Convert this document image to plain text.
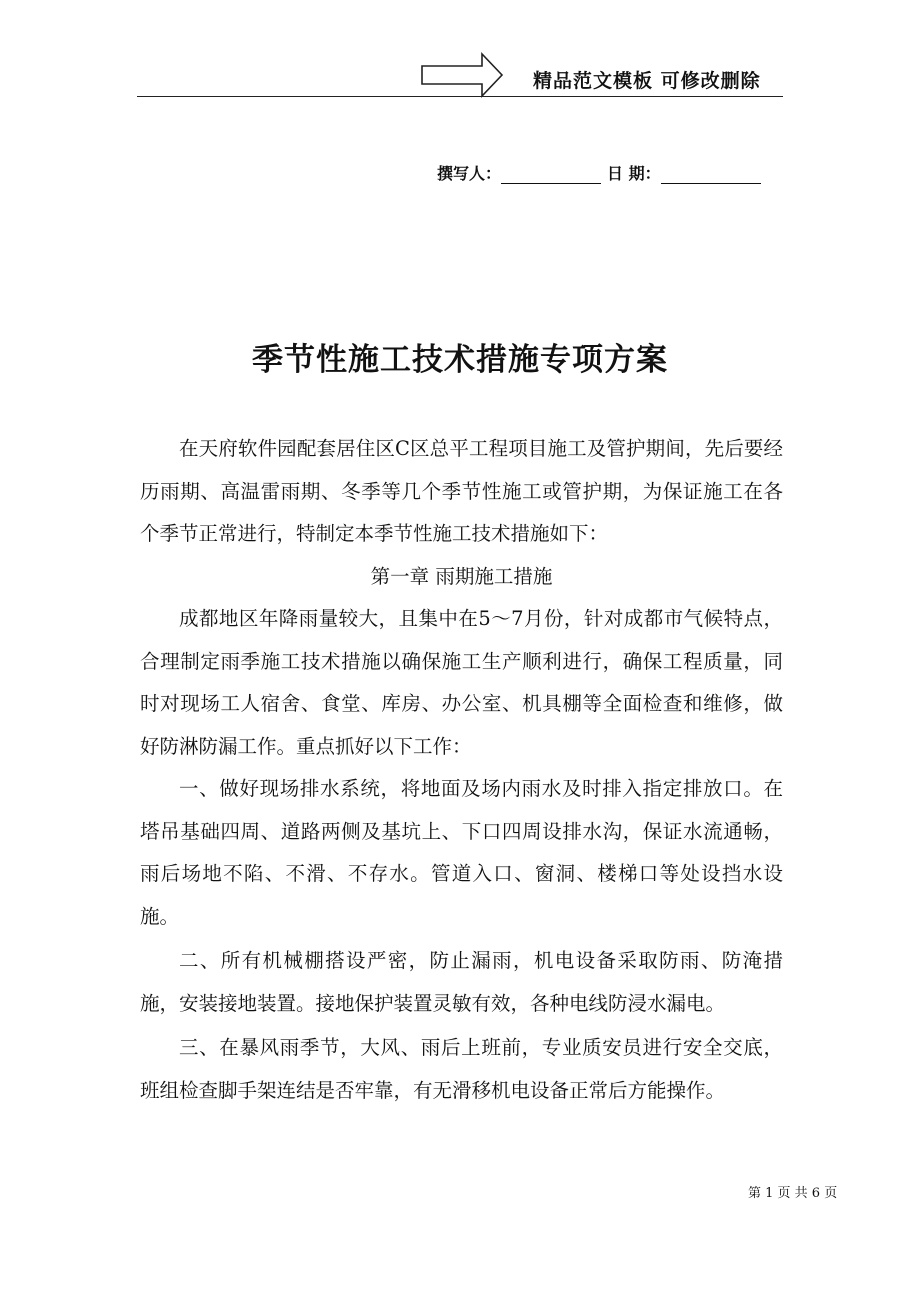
精品范文模板 可修改删除

撰写人：	日 期：
季节性施工技术措施专项方案

在天府软件园配套居住区C区总平工程项目施工及管护期间，先后要经历雨期、高温雷雨期、冬季等几个季节性施工或管护期，为保证施工在各个季节正常进行，特制定本季节性施工技术措施如下：

第一章 雨期施工措施

成都地区年降雨量较大，且集中在5～7月份，针对成都市气候特点，合理制定雨季施工技术措施以确保施工生产顺利进行，确保工程质量，同时对现场工人宿舍、食堂、库房、办公室、机具棚等全面检查和维修，做好防淋防漏工作。重点抓好以下工作：

一、做好现场排水系统，将地面及场内雨水及时排入指定排放口。在塔吊基础四周、道路两侧及基坑上、下口四周设排水沟，保证水流通畅，雨后场地不陷、不滑、不存水。管道入口、窗洞、楼梯口等处设挡水设施。

二、所有机械棚搭设严密，防止漏雨，机电设备采取防雨、防淹措施，安装接地装置。接地保护装置灵敏有效，各种电线防浸水漏电。

三、在暴风雨季节，大风、雨后上班前，专业质安员进行安全交底，班组检查脚手架连结是否牢靠，有无滑移机电设备正常后方能操作。

第 1 页 共 6 页
